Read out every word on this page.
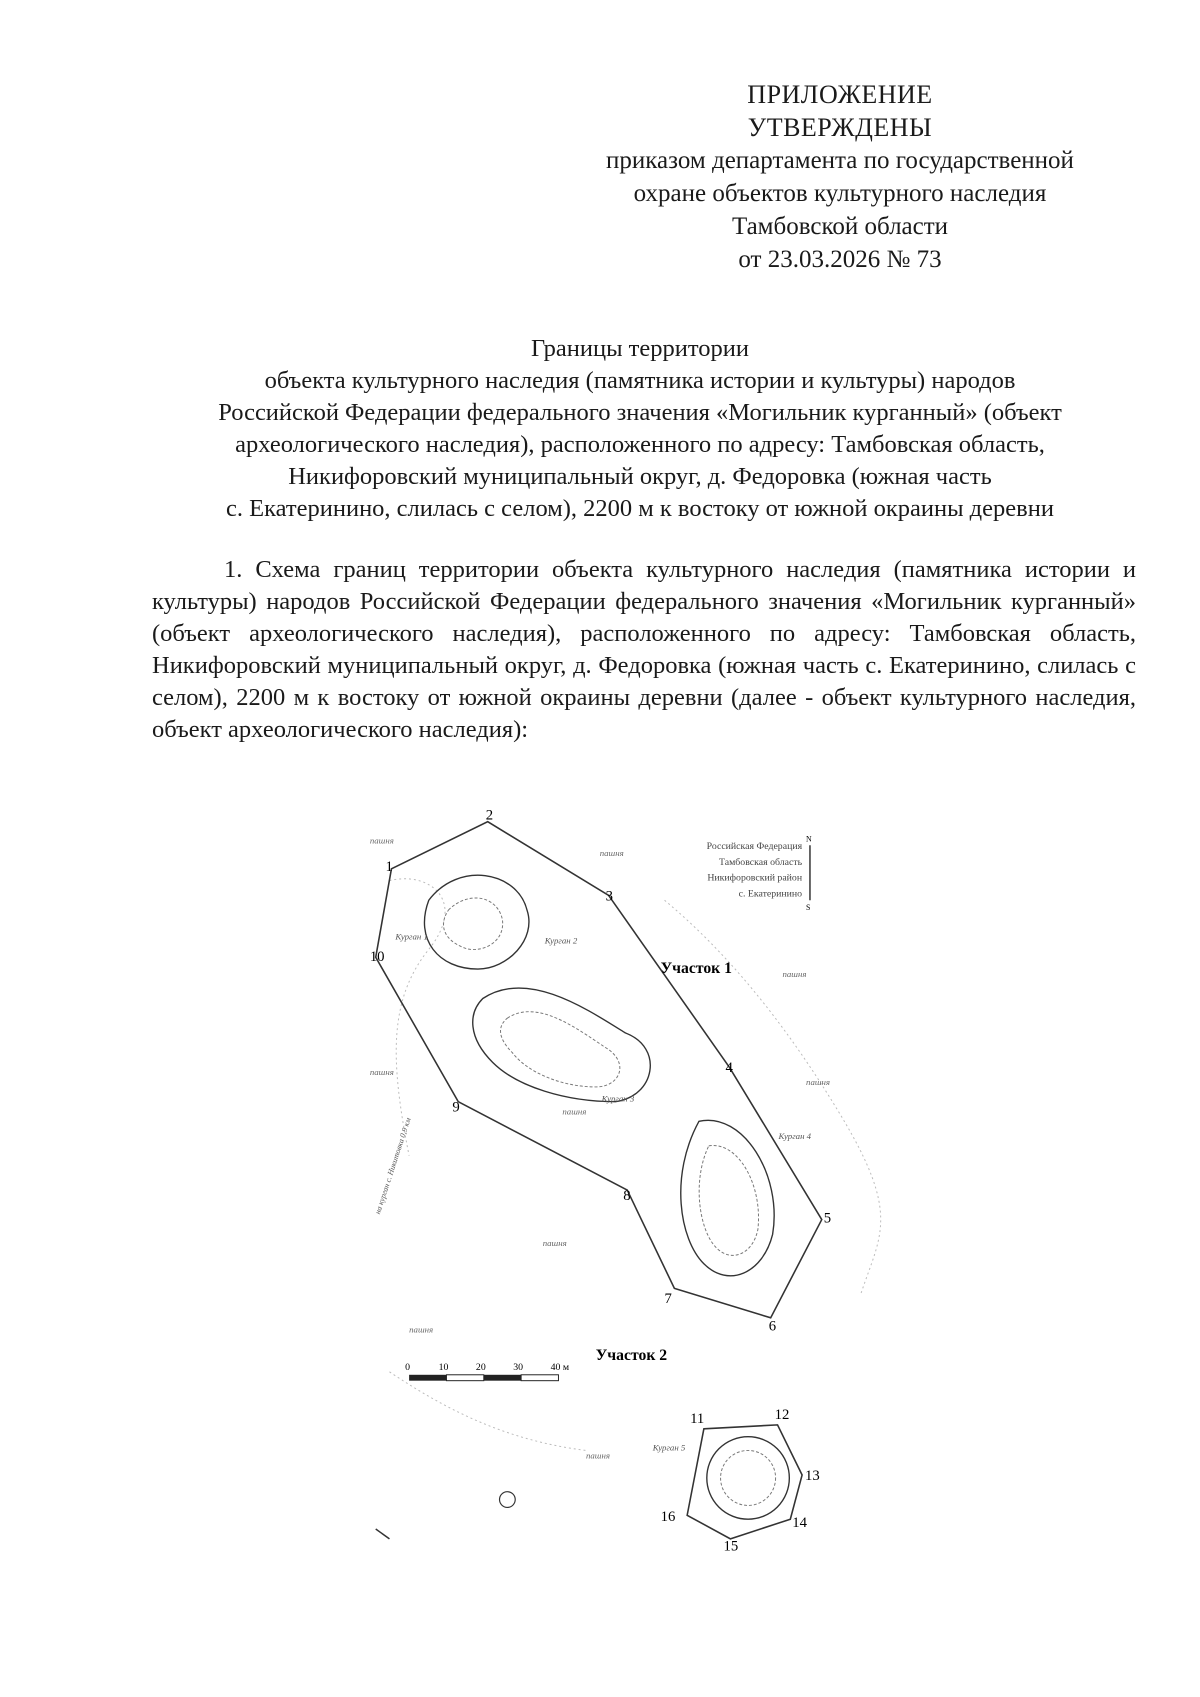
ПРИЛОЖЕНИЕ
УТВЕРЖДЕНЫ
приказом департамента по государственной
охране объектов культурного наследия
Тамбовской области
от 23.03.2026 № 73
Границы территории
объекта культурного наследия (памятника истории и культуры) народов
Российской Федерации федерального значения «Могильник курганный» (объект
археологического наследия), расположенного по адресу: Тамбовская область,
Никифоровский муниципальный округ, д. Федоровка (южная часть
с. Екатеринино, слилась с селом), 2200 м к востоку от южной окраины деревни

1. Схема границ территории объекта культурного наследия (памятника истории и культуры) народов Российской Федерации федерального значения «Могильник курганный» (объект археологического наследия), расположенного по адресу: Тамбовская область, Никифоровский муниципальный округ, д. Федоровка (южная часть с. Екатеринино, слилась с селом), 2200 м к востоку от южной окраины деревни (далее - объект культурного наследия, объект археологического наследия):

1
2
3
4
5
6
7
8
9
10
11	12
13
14
15
16
Участок 1
Участок 2
Курган 1	Курган 2
Курган 3
Курган 4
Курган 5
пашня
пашня
пашня
пашня
пашня
пашня
пашня
пашня
пашня
на курган с. Никитовка 0,9 км
Российская Федерация
Тамбовская область
Никифоровский район
с. Екатеринино
N
S
0	10	20	30	40 м
